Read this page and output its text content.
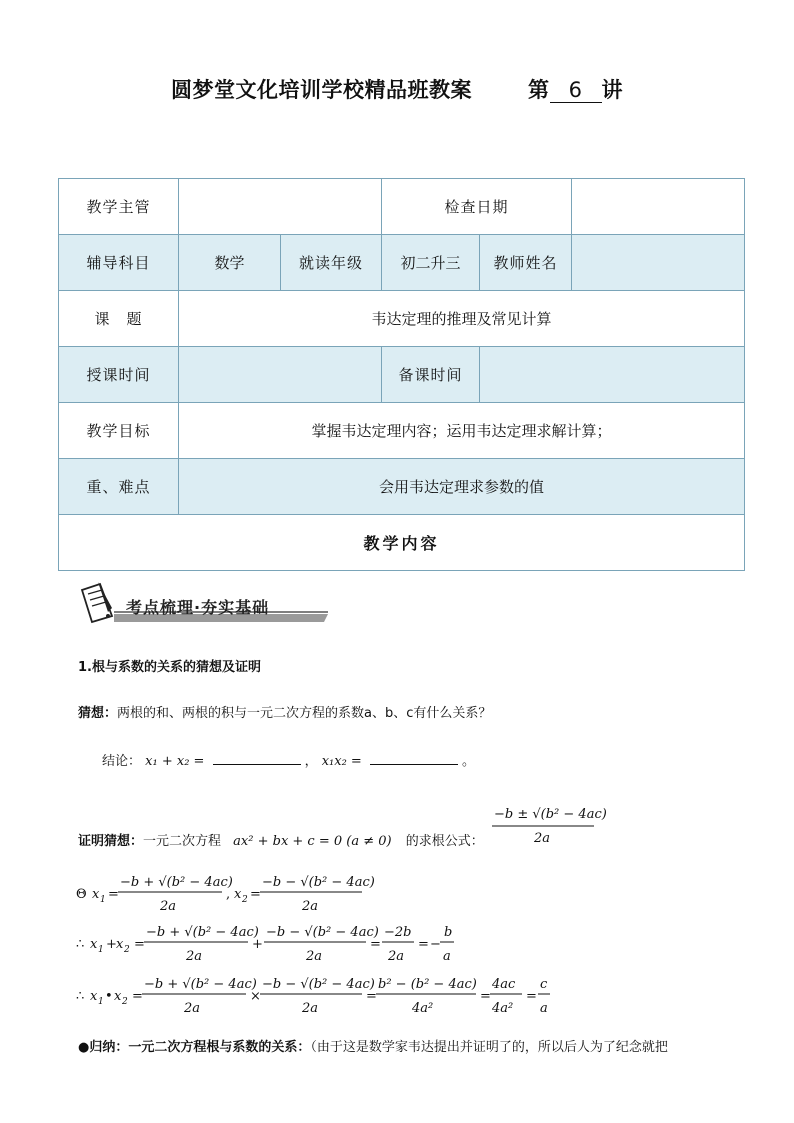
圆梦堂文化培训学校精品班教案	第 6 讲
教学主管			检查日期		
辅导科目	数学	就读年级	初二升三	教师姓名	
课　题	韦达定理的推理及常见计算				
授课时间			备课时间		
教学目标	掌握韦达定理内容；运用韦达定理求解计算；				
重、难点	会用韦达定理求参数的值				
教学内容					
考点梳理·夯实基础
1.根与系数的关系的猜想及证明
猜想：两根的和、两根的积与一元二次方程的系数a、b、c有什么关系？
结论： x₁ + x₂ =	， x₁x₂ =	。
证明猜想：一元二次方程 ax² + bx + c = 0 (a ≠ 0) 的求根公式：
−b ± √(b² − 4ac)
2a
Θ x 1 =
−b + √(b² − 4ac)
2a
, x 2 =
−b − √(b² − 4ac)
2a
∴ x 1 + x 2 =
−b + √(b² − 4ac)
2a
+
−b − √(b² − 4ac)
2a
=
−2b
2a
= −
b
a
∴ x 1 • x 2 =
−b + √(b² − 4ac)
2a
×
−b − √(b² − 4ac)
2a
=
b² − (b² − 4ac)
4a²
=
4ac
4a²
=
c
a
●归纳：一元二次方程根与系数的关系：（由于这是数学家韦达提出并证明了的，所以后人为了纪念就把
